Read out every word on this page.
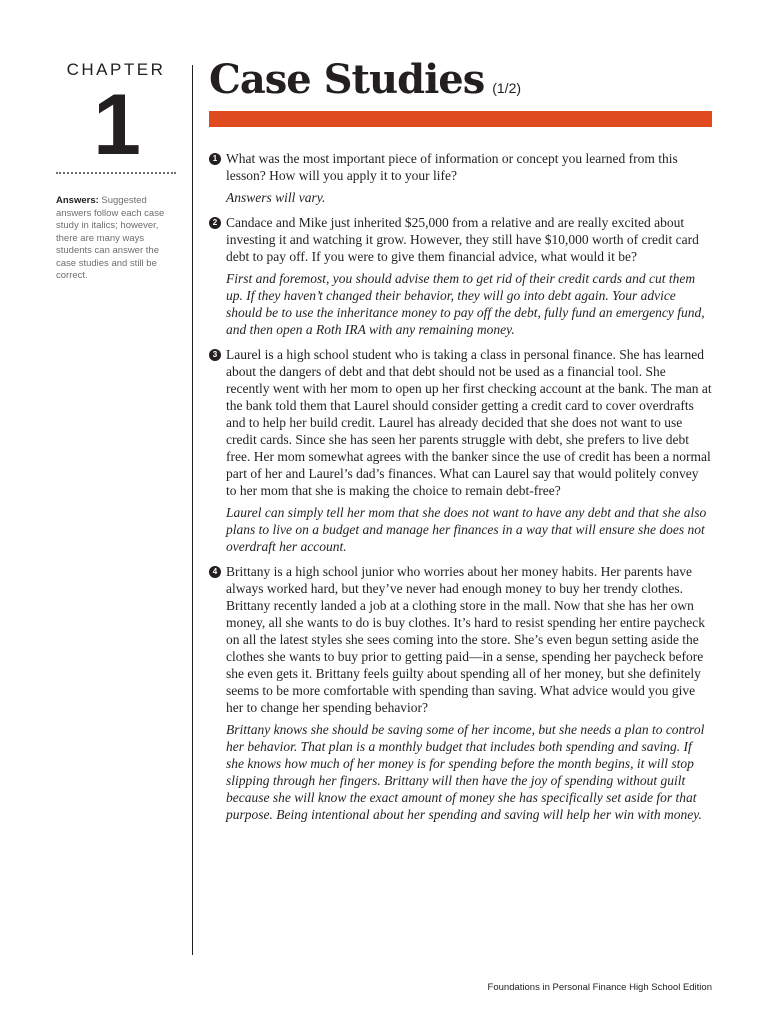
CHAPTER

1
Answers: Suggested answers follow each case study in italics; however, there are many ways students can answer the case studies and still be correct.
Case Studies (1/2)
1 What was the most important piece of information or concept you learned from this lesson? How will you apply it to your life?

Answers will vary.

2 Candace and Mike just inherited $25,000 from a relative and are really excited about investing it and watching it grow. However, they still have $10,000 worth of credit card debt to pay off. If you were to give them financial advice, what would it be?

First and foremost, you should advise them to get rid of their credit cards and cut them up. If they haven’t changed their behavior, they will go into debt again. Your advice should be to use the inheritance money to pay off the debt, fully fund an emergency fund, and then open a Roth IRA with any remaining money.

3 Laurel is a high school student who is taking a class in personal finance. She has learned about the dangers of debt and that debt should not be used as a financial tool. She recently went with her mom to open up her first checking account at the bank. The man at the bank told them that Laurel should consider getting a credit card to cover overdrafts and to help her build credit. Laurel has already decided that she does not want to use credit cards. Since she has seen her parents struggle with debt, she prefers to live debt free. Her mom somewhat agrees with the banker since the use of credit has been a normal part of her and Laurel’s dad’s finances. What can Laurel say that would politely convey to her mom that she is making the choice to remain debt-free?

Laurel can simply tell her mom that she does not want to have any debt and that she also plans to live on a budget and manage her finances in a way that will ensure she does not overdraft her account.

4 Brittany is a high school junior who worries about her money habits. Her parents have always worked hard, but they’ve never had enough money to buy her trendy clothes. Brittany recently landed a job at a clothing store in the mall. Now that she has her own money, all she wants to do is buy clothes. It’s hard to resist spending her entire paycheck on all the latest styles she sees coming into the store. She’s even begun setting aside the clothes she wants to buy prior to getting paid—in a sense, spending her paycheck before she even gets it. Brittany feels guilty about spending all of her money, but she definitely seems to be more comfortable with spending than saving. What advice would you give her to change her spending behavior?

Brittany knows she should be saving some of her income, but she needs a plan to control her behavior. That plan is a monthly budget that includes both spending and saving. If she knows how much of her money is for spending before the month begins, it will stop slipping through her fingers. Brittany will then have the joy of spending without guilt because she will know the exact amount of money she has specifically set aside for that purpose. Being intentional about her spending and saving will help her win with money.

Foundations in Personal Finance High School Edition
